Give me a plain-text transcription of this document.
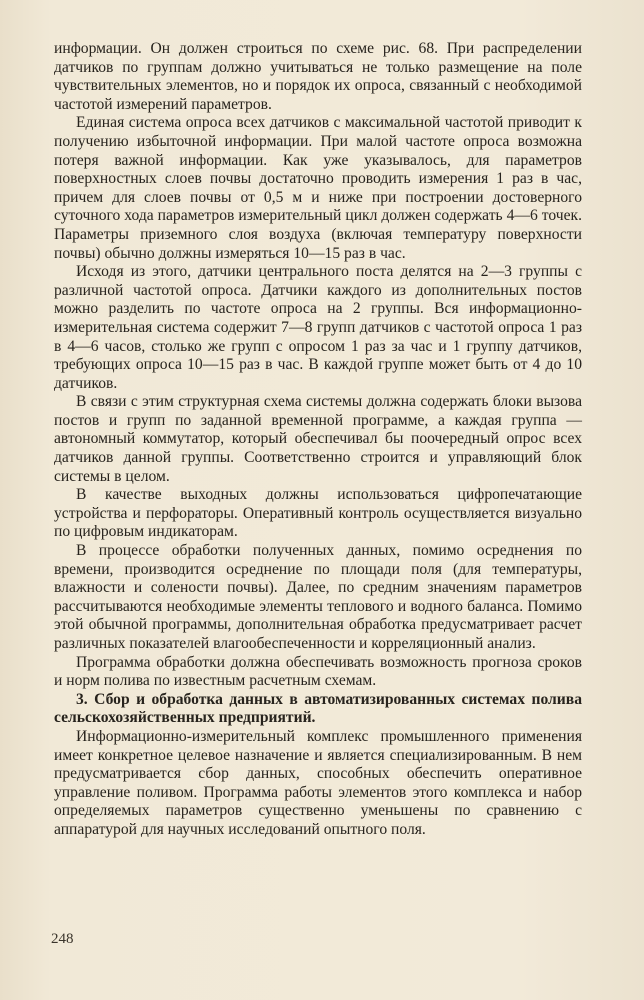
информации. Он должен строиться по схеме рис. 68. При распределении датчиков по группам должно учитываться не только размещение на поле чувствительных элементов, но и порядок их опроса, связанный с необходимой частотой измерений параметров.

Единая система опроса всех датчиков с максимальной частотой приводит к получению избыточной информации. При малой частоте опроса возможна потеря важной информации. Как уже указывалось, для параметров поверхностных слоев почвы достаточно проводить измерения 1 раз в час, причем для слоев почвы от 0,5 м и ниже при построении достоверного суточного хода параметров измерительный цикл должен содержать 4—6 точек. Параметры приземного слоя воздуха (включая температуру поверхности почвы) обычно должны измеряться 10—15 раз в час.

Исходя из этого, датчики центрального поста делятся на 2—3 группы с различной частотой опроса. Датчики каждого из дополнительных постов можно разделить по частоте опроса на 2 группы. Вся информационно-измерительная система содержит 7—8 групп датчиков с частотой опроса 1 раз в 4—6 часов, столько же групп с опросом 1 раз за час и 1 группу датчиков, требующих опроса 10—15 раз в час. В каждой группе может быть от 4 до 10 датчиков.

В связи с этим структурная схема системы должна содержать блоки вызова постов и групп по заданной временной программе, а каждая группа — автономный коммутатор, который обеспечивал бы поочередный опрос всех датчиков данной группы. Соответственно строится и управляющий блок системы в целом.

В качестве выходных должны использоваться цифропечатающие устройства и перфораторы. Оперативный контроль осуществляется визуально по цифровым индикаторам.

В процессе обработки полученных данных, помимо осреднения по времени, производится осреднение по площади поля (для температуры, влажности и солености почвы). Далее, по средним значениям параметров рассчитываются необходимые элементы теплового и водного баланса. Помимо этой обычной программы, дополнительная обработка предусматривает расчет различных показателей влагообеспеченности и корреляционный анализ.

Программа обработки должна обеспечивать возможность прогноза сроков и норм полива по известным расчетным схемам.

3. Сбор и обработка данных в автоматизированных системах полива сельскохозяйственных предприятий.

Информационно-измерительный комплекс промышленного применения имеет конкретное целевое назначение и является специализированным. В нем предусматривается сбор данных, способных обеспечить оперативное управление поливом. Программа работы элементов этого комплекса и набор определяемых параметров существенно уменьшены по сравнению с аппаратурой для научных исследований опытного поля.

248
